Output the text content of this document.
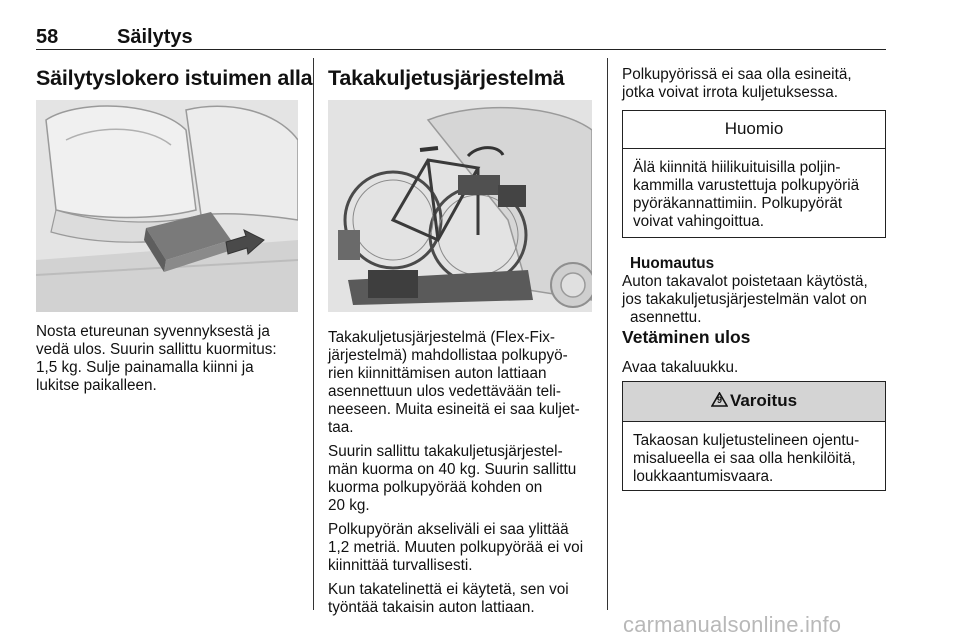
58	Säilytys
Säilytyslokero istuimen alla
Nosta etureunan syvennyksestä ja
vedä ulos. Suurin sallittu kuormitus:
1,5 kg. Sulje painamalla kiinni ja
lukitse paikalleen.
Takakuljetusjärjestelmä
Takakuljetusjärjestelmä (Flex-Fix-
järjestelmä) mahdollistaa polkupyö-
rien kiinnittämisen auton lattiaan
asennettuun ulos vedettävään teli-
neeseen. Muita esineitä ei saa kuljet-
taa.
Suurin sallittu takakuljetusjärjestel-
män kuorma on 40 kg. Suurin sallittu
kuorma polkupyörää kohden on
20 kg.
Polkupyörän akseliväli ei saa ylittää
1,2 metriä. Muuten polkupyörää ei voi
kiinnittää turvallisesti.
Kun takatelinettä ei käytetä, sen voi
työntää takaisin auton lattiaan.
Polkupyörissä ei saa olla esineitä,
jotka voivat irrota kuljetuksessa.
Huomio
Älä kiinnitä hiilikuituisilla poljin-
kammilla varustettuja polkupyöriä
pyöräkannattimiin. Polkupyörät
voivat vahingoittua.
Huomautus
Auton takavalot poistetaan käytöstä,
jos takakuljetusjärjestelmän valot on
asennettu.
Vetäminen ulos
Avaa takaluukku.
9 Varoitus
Takaosan kuljetustelineen ojentu-
misalueella ei saa olla henkilöitä,
loukkaantumisvaara.
carmanualsonline.info
